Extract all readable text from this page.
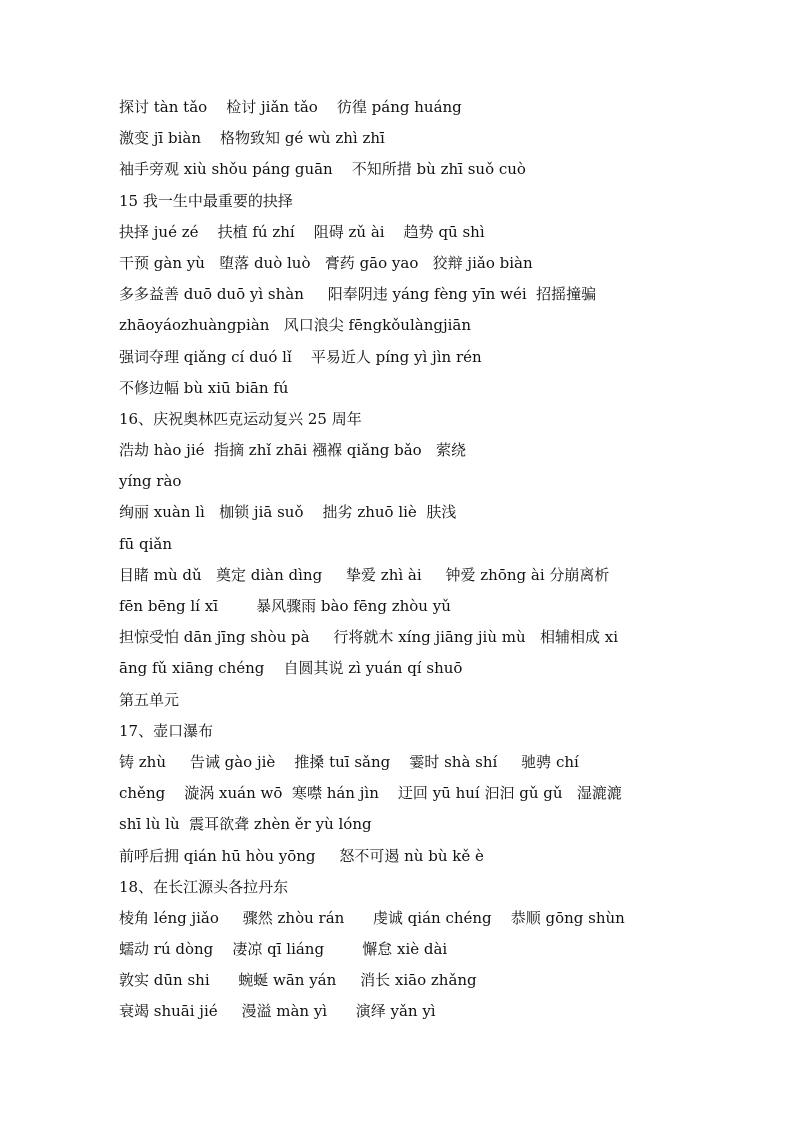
探讨 tàn tǎo    检讨 jiǎn tǎo    彷徨 páng huáng
激变 jī biàn    格物致知 gé wù zhì zhī
袖手旁观 xiù shǒu páng guān    不知所措 bù zhī suǒ cuò
15 我一生中最重要的抉择
抉择 jué zé    扶植 fú zhí    阻碍 zǔ ài    趋势 qū shì
干预 gàn yù   堕落 duò luò   膏药 gāo yao   狡辩 jiǎo biàn
多多益善 duō duō yì shàn     阳奉阴违 yáng fèng yīn wéi  招摇撞骗
zhāoyáozhuàngpiàn   风口浪尖 fēngkǒulàngjiān
强词夺理 qiǎng cí duó lǐ    平易近人 píng yì jìn rén
不修边幅 bù xiū biān fú
16、庆祝奥林匹克运动复兴 25 周年
浩劫 hào jié  指摘 zhǐ zhāi 襁褓 qiǎng bǎo   萦绕
yíng rào
绚丽 xuàn lì   枷锁 jiā suǒ    拙劣 zhuō liè  肤浅
fū qiǎn
目睹 mù dǔ   奠定 diàn dìng     挚爱 zhì ài     钟爱 zhōng ài 分崩离析
fēn bēng lí xī        暴风骤雨 bào fēng zhòu yǔ
担惊受怕 dān jīng shòu pà     行将就木 xíng jiāng jiù mù   相辅相成 xi
āng fǔ xiāng chéng    自圆其说 zì yuán qí shuō
第五单元
17、壶口瀑布
铸 zhù     告诫 gào jiè    推搡 tuī sǎng    霎时 shà shí     驰骋 chí
chěng    漩涡 xuán wō  寒噤 hán jìn    迂回 yū huí 汩汩 gǔ gǔ   湿漉漉
shī lù lù  震耳欲聋 zhèn ěr yù lóng
前呼后拥 qián hū hòu yōng     怒不可遏 nù bù kě è
18、在长江源头各拉丹东
棱角 léng jiǎo     骤然 zhòu rán      虔诚 qián chéng    恭顺 gōng shùn
蠕动 rú dòng    凄凉 qī liáng        懈怠 xiè dài
敦实 dūn shi      蜿蜒 wān yán     消长 xiāo zhǎng
衰竭 shuāi jié     漫溢 màn yì      演绎 yǎn yì
